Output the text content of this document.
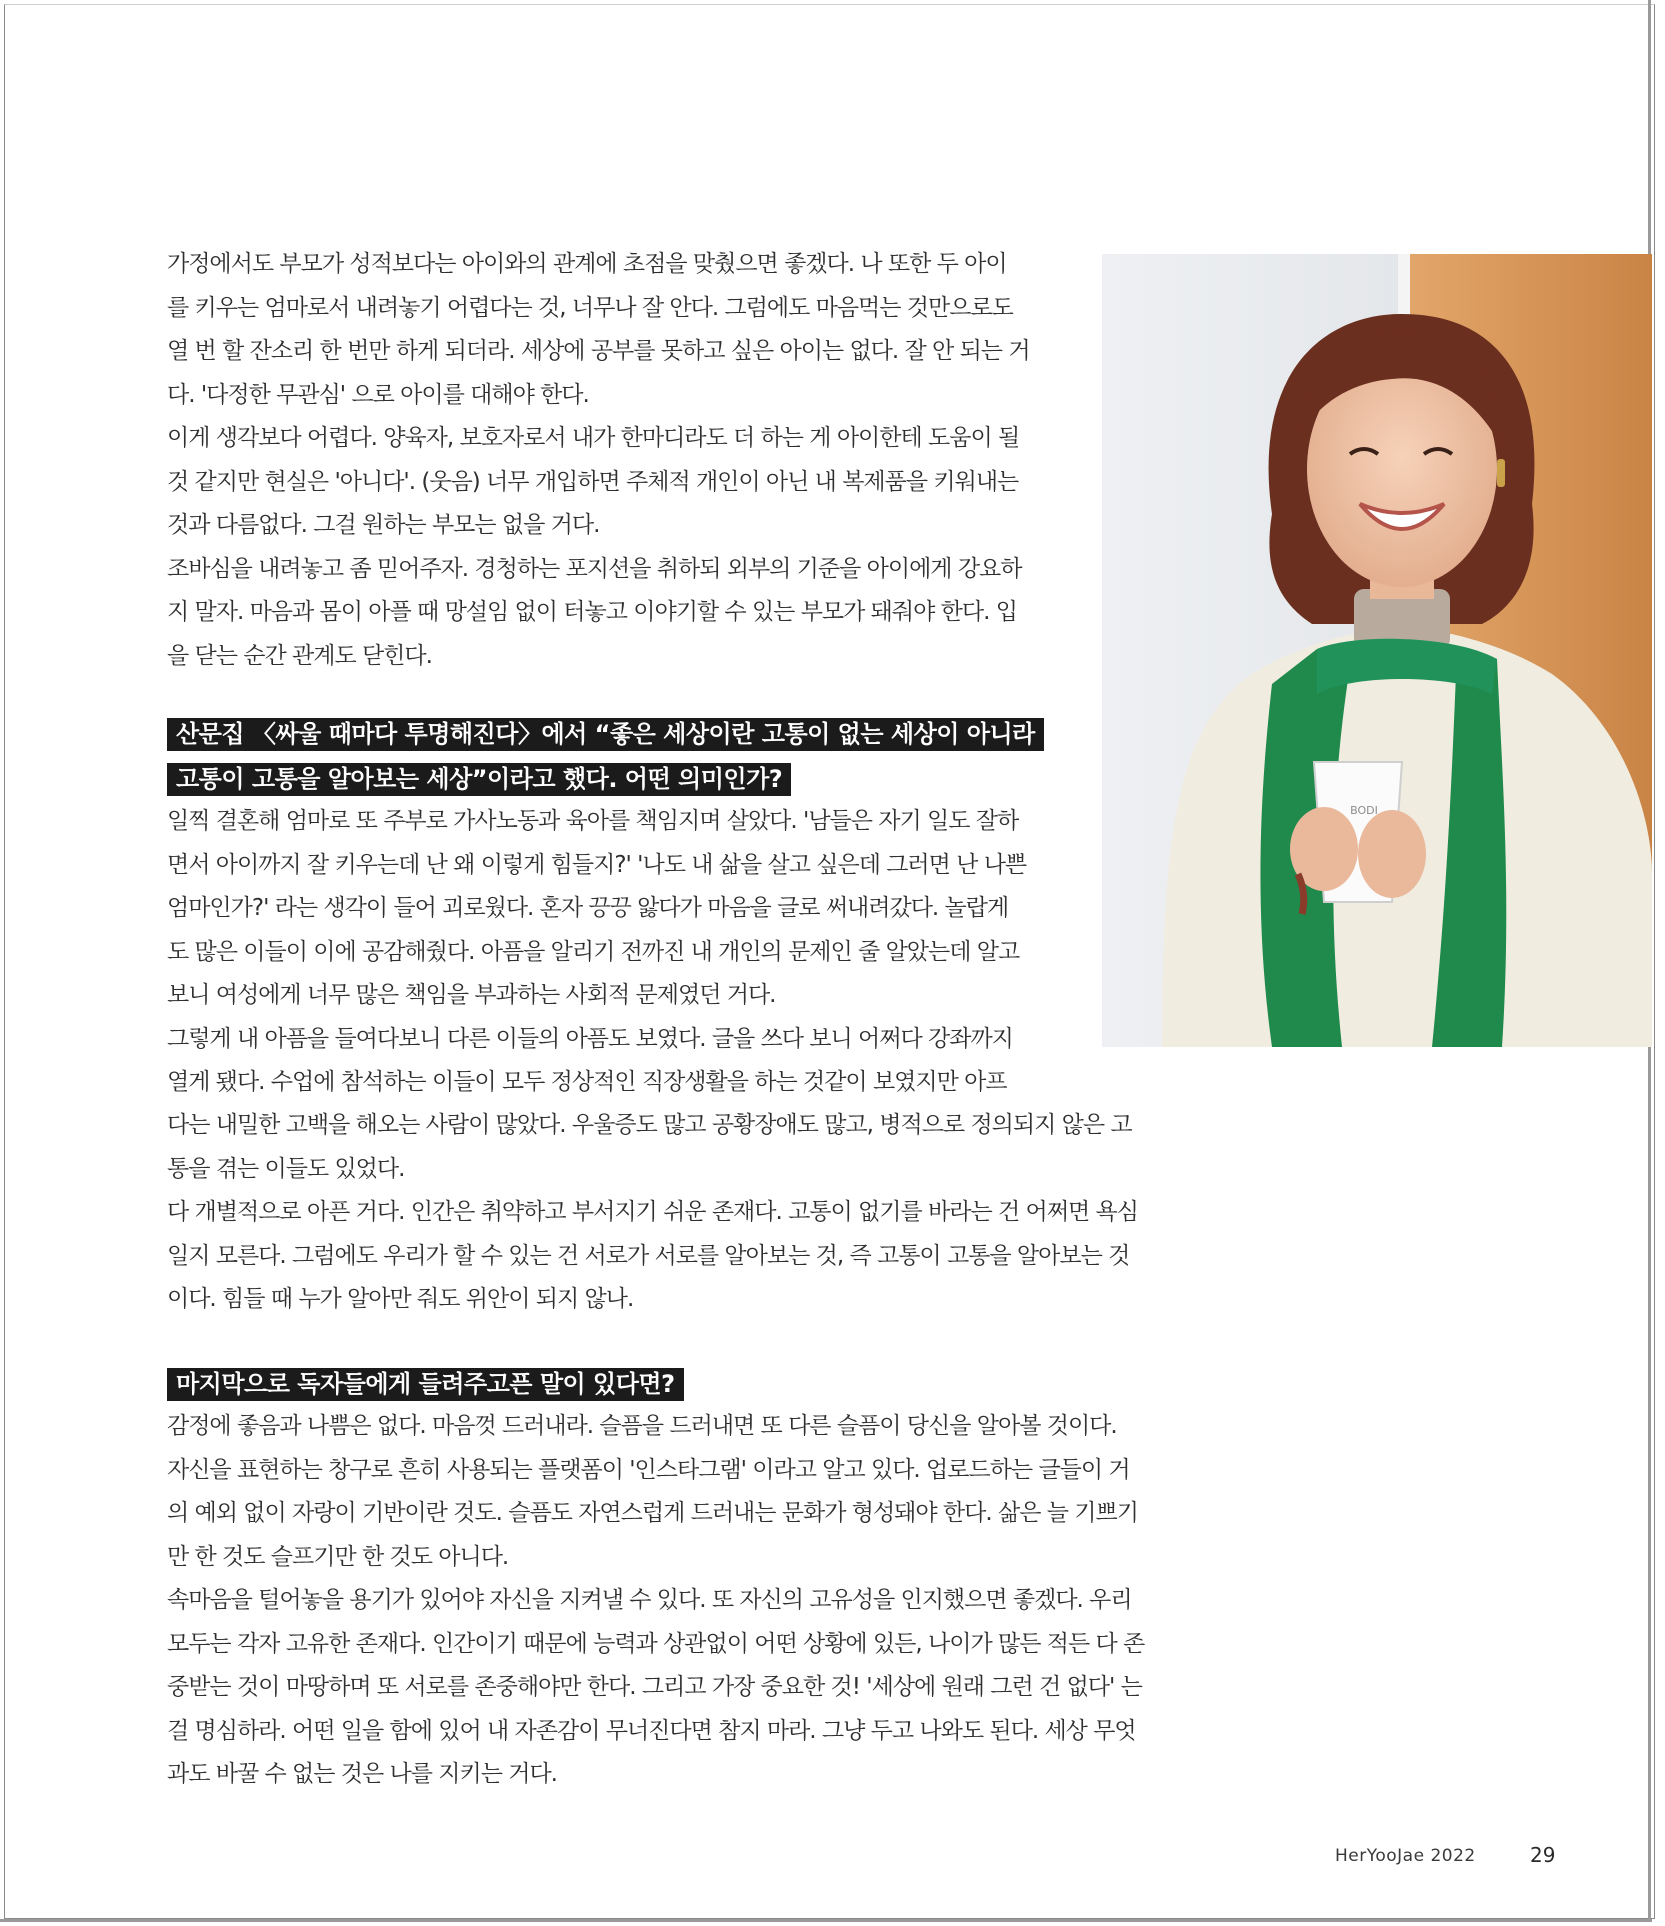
가정에서도 부모가 성적보다는 아이와의 관계에 초점을 맞췄으면 좋겠다. 나 또한 두 아이
를 키우는 엄마로서 내려놓기 어렵다는 것, 너무나 잘 안다. 그럼에도 마음먹는 것만으로도
열 번 할 잔소리 한 번만 하게 되더라. 세상에 공부를 못하고 싶은 아이는 없다. 잘 안 되는 거
다. '다정한 무관심' 으로 아이를 대해야 한다.
이게 생각보다 어렵다. 양육자, 보호자로서 내가 한마디라도 더 하는 게 아이한테 도움이 될
것 같지만 현실은 '아니다'. (웃음) 너무 개입하면 주체적 개인이 아닌 내 복제품을 키워내는
것과 다름없다. 그걸 원하는 부모는 없을 거다.
조바심을 내려놓고 좀 믿어주자. 경청하는 포지션을 취하되 외부의 기준을 아이에게 강요하
지 말자. 마음과 몸이 아플 때 망설임 없이 터놓고 이야기할 수 있는 부모가 돼줘야 한다. 입
을 닫는 순간 관계도 닫힌다.
산문집 〈싸울 때마다 투명해진다〉에서 “좋은 세상이란 고통이 없는 세상이 아니라
고통이 고통을 알아보는 세상”이라고 했다. 어떤 의미인가?
일찍 결혼해 엄마로 또 주부로 가사노동과 육아를 책임지며 살았다. '남들은 자기 일도 잘하
면서 아이까지 잘 키우는데 난 왜 이렇게 힘들지?' '나도 내 삶을 살고 싶은데 그러면 난 나쁜
엄마인가?' 라는 생각이 들어 괴로웠다. 혼자 끙끙 앓다가 마음을 글로 써내려갔다. 놀랍게
도 많은 이들이 이에 공감해줬다. 아픔을 알리기 전까진 내 개인의 문제인 줄 알았는데 알고
보니 여성에게 너무 많은 책임을 부과하는 사회적 문제였던 거다.
그렇게 내 아픔을 들여다보니 다른 이들의 아픔도 보였다. 글을 쓰다 보니 어쩌다 강좌까지
열게 됐다. 수업에 참석하는 이들이 모두 정상적인 직장생활을 하는 것같이 보였지만 아프
다는 내밀한 고백을 해오는 사람이 많았다. 우울증도 많고 공황장애도 많고, 병적으로 정의되지 않은 고
통을 겪는 이들도 있었다.
다 개별적으로 아픈 거다. 인간은 취약하고 부서지기 쉬운 존재다. 고통이 없기를 바라는 건 어쩌면 욕심
일지 모른다. 그럼에도 우리가 할 수 있는 건 서로가 서로를 알아보는 것, 즉 고통이 고통을 알아보는 것
이다. 힘들 때 누가 알아만 줘도 위안이 되지 않나.
마지막으로 독자들에게 들려주고픈 말이 있다면?
감정에 좋음과 나쁨은 없다. 마음껏 드러내라. 슬픔을 드러내면 또 다른 슬픔이 당신을 알아볼 것이다.
자신을 표현하는 창구로 흔히 사용되는 플랫폼이 '인스타그램' 이라고 알고 있다. 업로드하는 글들이 거
의 예외 없이 자랑이 기반이란 것도. 슬픔도 자연스럽게 드러내는 문화가 형성돼야 한다. 삶은 늘 기쁘기
만 한 것도 슬프기만 한 것도 아니다.
속마음을 털어놓을 용기가 있어야 자신을 지켜낼 수 있다. 또 자신의 고유성을 인지했으면 좋겠다. 우리
모두는 각자 고유한 존재다. 인간이기 때문에 능력과 상관없이 어떤 상황에 있든, 나이가 많든 적든 다 존
중받는 것이 마땅하며 또 서로를 존중해야만 한다. 그리고 가장 중요한 것! '세상에 원래 그런 건 없다' 는
걸 명심하라. 어떤 일을 함에 있어 내 자존감이 무너진다면 참지 마라. 그냥 두고 나와도 된다. 세상 무엇
과도 바꿀 수 없는 것은 나를 지키는 거다.
BODI
HerYooJae 2022	29
